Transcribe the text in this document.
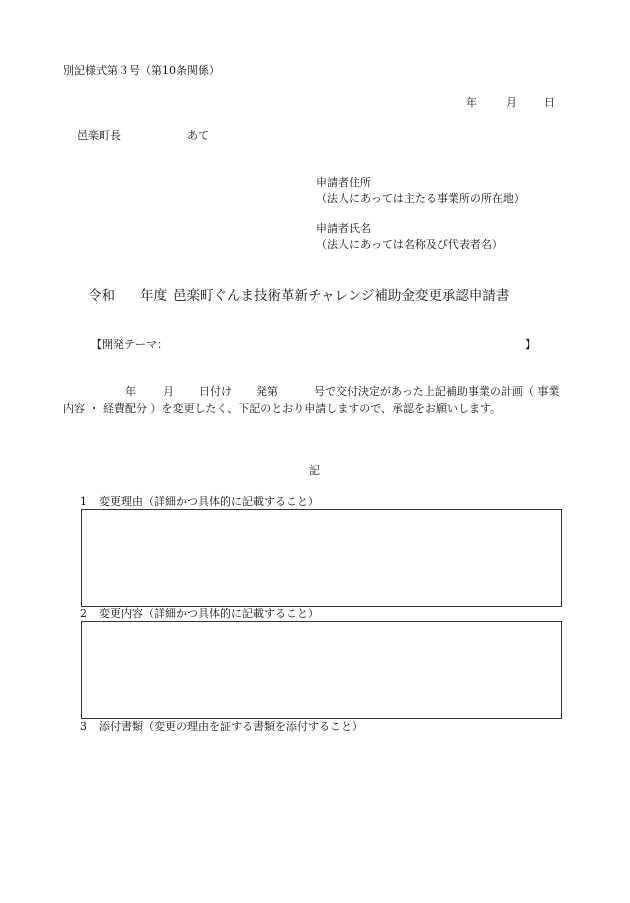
別記様式第３号（第10条関係）
年	月 日
邑楽町長	あて
申請者住所
（法人にあっては主たる事業所の所在地）
申請者氏名
（法人にあっては名称及び代表者名）
令和 年度 邑楽町ぐんま技術革新チャレンジ補助金変更承認申請書
【開発テーマ：	】
年 月 日付け 発第	号で交付決定があった上記補助事業の計画（ 事業内容 ・ 経費配分 ）を変更したく、下記のとおり申請しますので、承認をお願いします。
記
1 変更理由（詳細かつ具体的に記載すること）
2 変更内容（詳細かつ具体的に記載すること）
3 添付書類（変更の理由を証する書類を添付すること）
